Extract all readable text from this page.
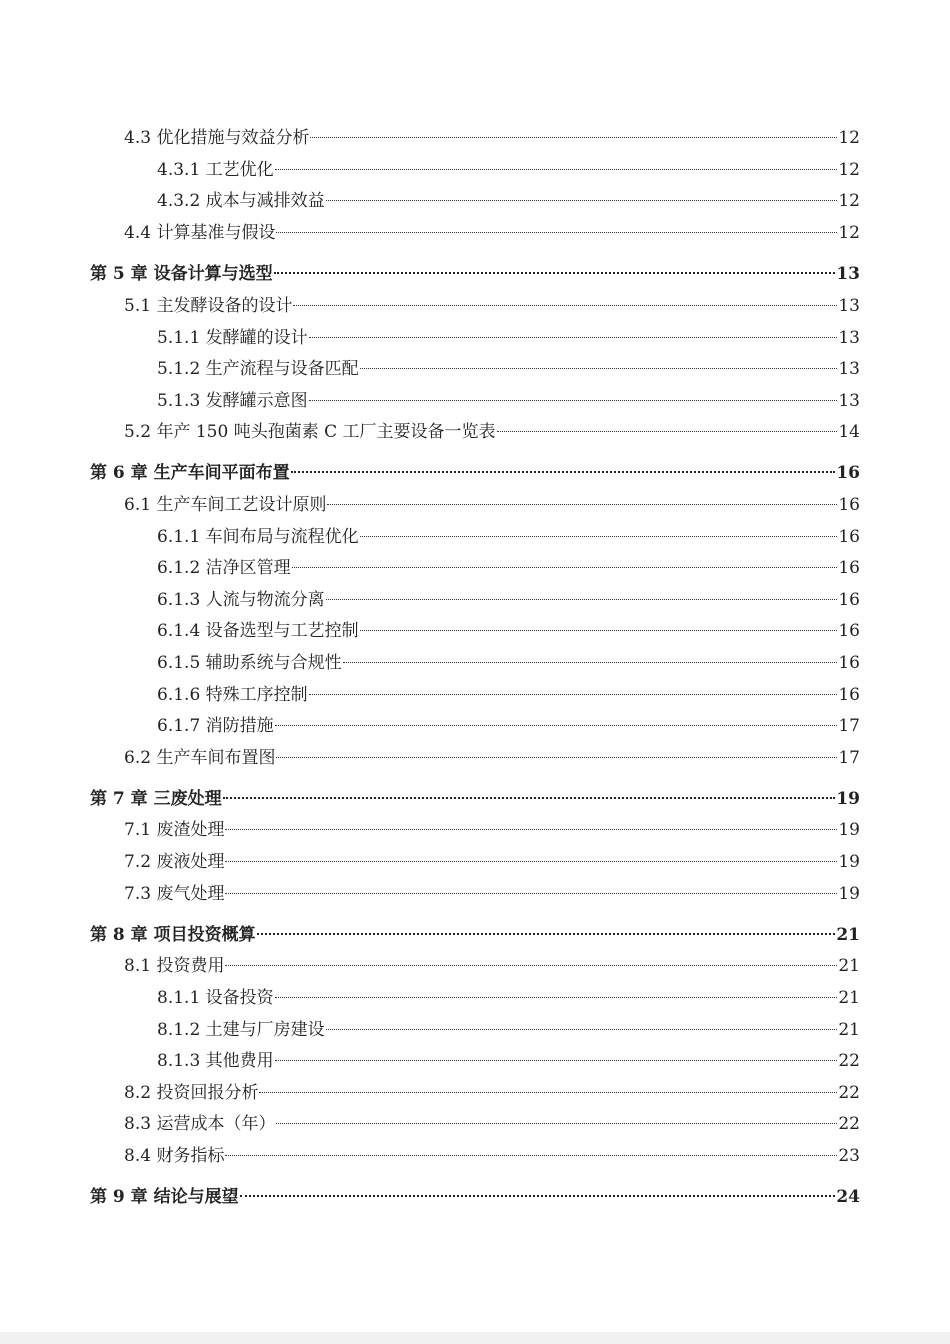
4.3 优化措施与效益分析	12
4.3.1 工艺优化	12
4.3.2 成本与减排效益	12
4.4 计算基准与假设	12
第 5 章 设备计算与选型	13
5.1 主发酵设备的设计	13
5.1.1 发酵罐的设计	13
5.1.2 生产流程与设备匹配	13
5.1.3 发酵罐示意图	13
5.2 年产 150 吨头孢菌素 C 工厂主要设备一览表	14
第 6 章 生产车间平面布置	16
6.1 生产车间工艺设计原则	16
6.1.1 车间布局与流程优化	16
6.1.2 洁净区管理	16
6.1.3 人流与物流分离	16
6.1.4 设备选型与工艺控制	16
6.1.5 辅助系统与合规性	16
6.1.6 特殊工序控制	16
6.1.7 消防措施	17
6.2 生产车间布置图	17
第 7 章 三废处理	19
7.1 废渣处理	19
7.2 废液处理	19
7.3 废气处理	19
第 8 章 项目投资概算	21
8.1 投资费用	21
8.1.1 设备投资	21
8.1.2 土建与厂房建设	21
8.1.3 其他费用	22
8.2 投资回报分析	22
8.3 运营成本（年）	22
8.4 财务指标	23
第 9 章 结论与展望	24
